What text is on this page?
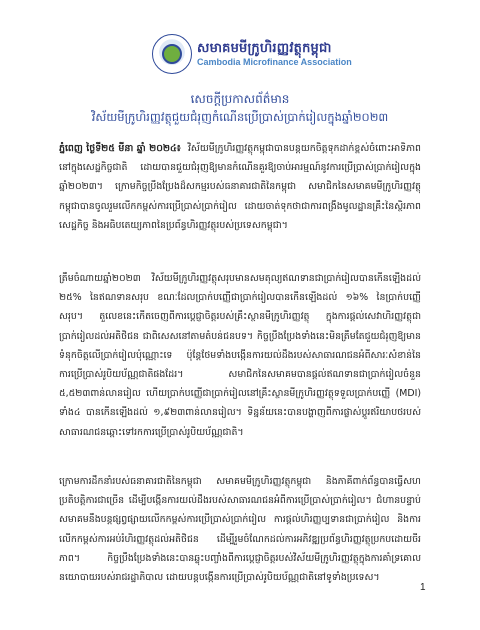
សមាគមមីក្រូហិរញ្ញវត្ថុកម្ពុជា
Cambodia Microfinance Association
សេចក្តីប្រកាសព័ត៌មាន
វិស័យមីក្រូហិរញ្ញវត្ថុជួយជំរុញកំណើនប្រើប្រាស់ប្រាក់រៀលក្នុងឆ្នាំ២០២៣
ភ្នំពេញ ថ្ងៃទី២៥ មីនា ឆ្នាំ ២០២៤៖ វិស័យមីក្រូហិរញ្ញវត្ថុកម្ពុជាបានបន្តយកចិត្តទុកដាក់ខ្ពស់ចំពោះអាទិភាពនៅក្នុងសេដ្ឋកិច្ចជាតិ ដោយបានជួយជំរុញឱ្យមានកំណើនគួរឱ្យចាប់អារម្មណ៍នូវការប្រើប្រាស់ប្រាក់រៀលក្នុងឆ្នាំ២០២៣។ ក្រោមកិច្ចប្រឹងប្រែងដ៏សកម្មរបស់ធនាគារជាតិនៃកម្ពុជា សមាជិកនៃសមាគមមីក្រូហិរញ្ញវត្ថុកម្ពុជាបានចូលរួមលើកកម្ពស់ការប្រើប្រាស់ប្រាក់រៀល ដោយចាត់ទុកថាជាការពង្រឹងមូលដ្ឋានគ្រឹះនៃស្ថិរភាពសេដ្ឋកិច្ច និងអធិបតេយ្យភាពនៃប្រព័ន្ធហិរញ្ញវត្ថុរបស់ប្រទេសកម្ពុជា។
ត្រឹមចំណាយឆ្នាំ២០២៣ វិស័យមីក្រូហិរញ្ញវត្ថុសរុបមានសមតុល្យឥណទានជាប្រាក់រៀលបានកើនឡើងដល់ ២៥% នៃឥណទានសរុប ខណៈដែលប្រាក់បញ្ញើជាប្រាក់រៀលបានកើនឡើងដល់ ១៦% នៃប្រាក់បញ្ញើសរុប។ តួលេខនេះកើតចេញពីការប្តេជ្ញាចិត្តរបស់គ្រឹះស្ថានមីក្រូហិរញ្ញវត្ថុ ក្នុងការផ្តល់សេវាហិរញ្ញវត្ថុជាប្រាក់រៀលដល់អតិថិជន ជាពិសេសនៅតាមតំបន់ជនបទ។ កិច្ចប្រឹងប្រែងទាំងនេះមិនត្រឹមតែជួយជំរុញឱ្យមានទំនុកចិត្តលើប្រាក់រៀលប៉ុណ្ណោះទេ ប៉ុន្តែថែមទាំងបង្កើនការយល់ដឹងរបស់សាធារណជនអំពីសារៈសំខាន់នៃការប្រើប្រាស់រូបិយប័ណ្ណជាតិផងដែរ។ សមាជិកនៃសមាគមបានផ្តល់ឥណទានជាប្រាក់រៀលចំនួន ៥,៥២៣ពាន់លានរៀល ហើយប្រាក់បញ្ញើជាប្រាក់រៀលនៅគ្រឹះស្ថានមីក្រូហិរញ្ញវត្ថុទទួលប្រាក់បញ្ញើ (MDI) ទាំង៤ បានកើនឡើងដល់ ១,៩២៣ពាន់លានរៀល។ ទិន្នន័យនេះបានបង្ហាញពីការផ្លាស់ប្តូរឥរិយាបថរបស់សាធារណជនឆ្ពោះទៅរកការប្រើប្រាស់រូបិយប័ណ្ណជាតិ។
ក្រោមការដឹកនាំរបស់ធនាគារជាតិនៃកម្ពុជា សមាគមមីក្រូហិរញ្ញវត្ថុកម្ពុជា និងភាគីពាក់ព័ន្ធបានធ្វើសហប្រតិបត្តិការជាច្រើន ដើម្បីបង្កើនការយល់ដឹងរបស់សាធារណជនអំពីការប្រើប្រាស់ប្រាក់រៀល។ ជំហានបន្ទាប់ សមាគមនឹងបន្តផ្សព្វផ្សាយលើកកម្ពស់ការប្រើប្រាស់ប្រាក់រៀល ការផ្តល់ហិរញ្ញប្បទានជាប្រាក់រៀល និងការលើកកម្ពស់ការអប់រំហិរញ្ញវត្ថុដល់អតិថិជន ដើម្បីរួមចំណែកដល់ការអភិវឌ្ឍប្រព័ន្ធហិរញ្ញវត្ថុប្រកបដោយចីរភាព។ កិច្ចប្រឹងប្រែងទាំងនេះបានឆ្លុះបញ្ចាំងពីការប្តេជ្ញាចិត្តរបស់វិស័យមីក្រូហិរញ្ញវត្ថុក្នុងការគាំទ្រគោលនយោបាយរបស់រាជរដ្ឋាភិបាល ដោយបន្តបង្កើនការប្រើប្រាស់រូបិយប័ណ្ណជាតិនៅទូទាំងប្រទេស។
1
